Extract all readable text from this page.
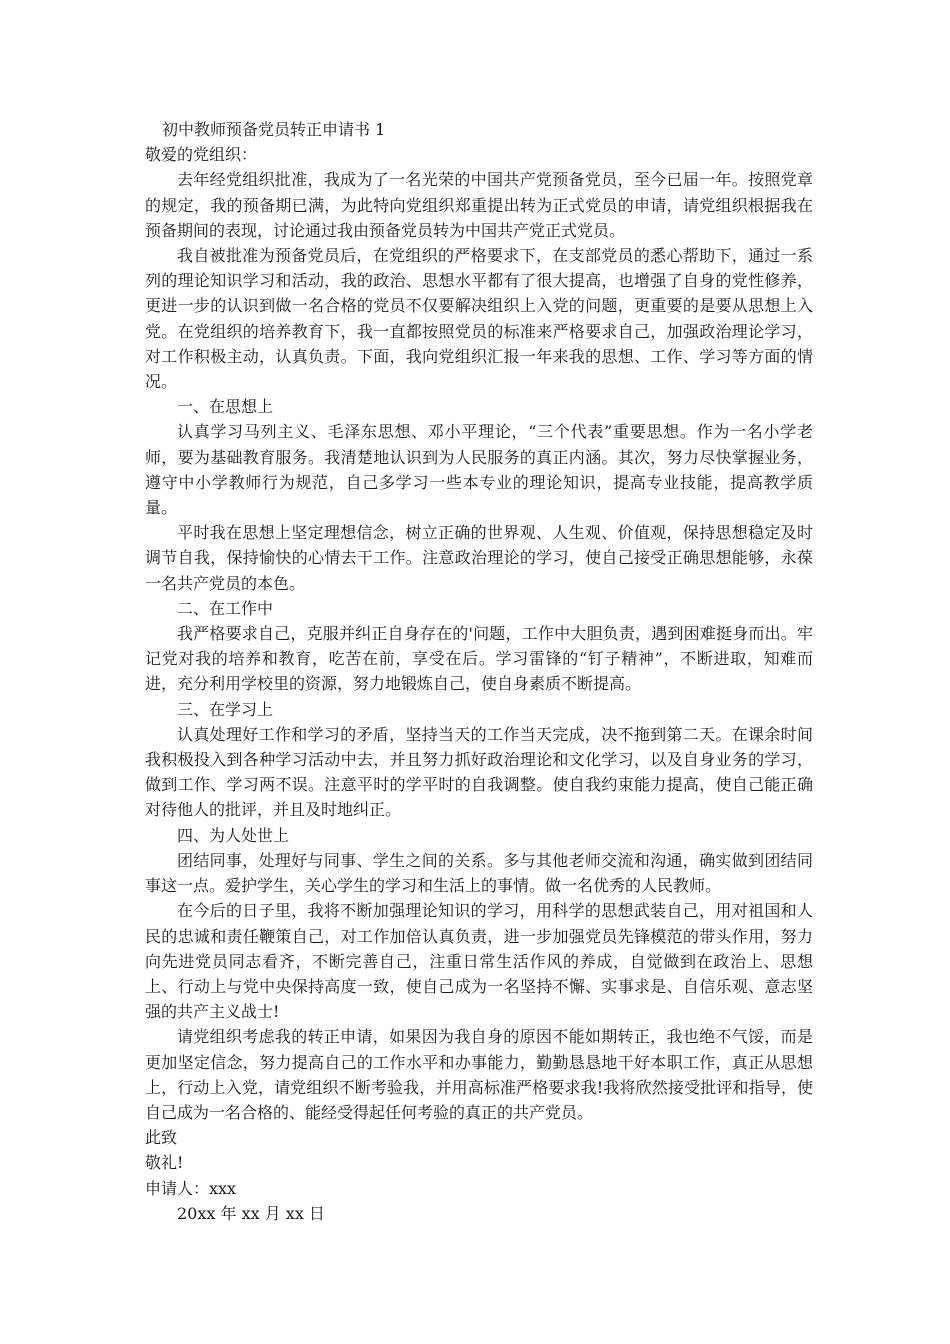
初中教师预备党员转正申请书 1

敬爱的党组织：

去年经党组织批准，我成为了一名光荣的中国共产党预备党员，至今已届一年。按照党章的规定，我的预备期已满，为此特向党组织郑重提出转为正式党员的申请，请党组织根据我在预备期间的表现，讨论通过我由预备党员转为中国共产党正式党员。

我自被批准为预备党员后，在党组织的严格要求下，在支部党员的悉心帮助下，通过一系列的理论知识学习和活动，我的政治、思想水平都有了很大提高，也增强了自身的党性修养，更进一步的认识到做一名合格的党员不仅要解决组织上入党的问题，更重要的是要从思想上入党。在党组织的培养教育下，我一直都按照党员的标准来严格要求自己，加强政治理论学习，对工作积极主动，认真负责。下面，我向党组织汇报一年来我的思想、工作、学习等方面的情况。

一、在思想上

认真学习马列主义、毛泽东思想、邓小平理论，“三个代表”重要思想。作为一名小学老师，要为基础教育服务。我清楚地认识到为人民服务的真正内涵。其次，努力尽快掌握业务，遵守中小学教师行为规范，自己多学习一些本专业的理论知识，提高专业技能，提高教学质量。

平时我在思想上坚定理想信念，树立正确的世界观、人生观、价值观，保持思想稳定及时调节自我，保持愉快的心情去干工作。注意政治理论的学习，使自己接受正确思想能够，永葆一名共产党员的本色。

二、在工作中

我严格要求自己，克服并纠正自身存在的'问题，工作中大胆负责，遇到困难挺身而出。牢记党对我的培养和教育，吃苦在前，享受在后。学习雷锋的“钉子精神”，不断进取，知难而进，充分利用学校里的资源，努力地锻炼自己，使自身素质不断提高。

三、在学习上

认真处理好工作和学习的矛盾，坚持当天的工作当天完成，决不拖到第二天。在课余时间我积极投入到各种学习活动中去，并且努力抓好政治理论和文化学习，以及自身业务的学习，做到工作、学习两不误。注意平时的学平时的自我调整。使自我约束能力提高，使自己能正确对待他人的批评，并且及时地纠正。

四、为人处世上

团结同事，处理好与同事、学生之间的关系。多与其他老师交流和沟通，确实做到团结同事这一点。爱护学生，关心学生的学习和生活上的事情。做一名优秀的人民教师。

在今后的日子里，我将不断加强理论知识的学习，用科学的思想武装自己，用对祖国和人民的忠诚和责任鞭策自己，对工作加倍认真负责，进一步加强党员先锋模范的带头作用，努力向先进党员同志看齐，不断完善自己，注重日常生活作风的养成，自觉做到在政治上、思想上、行动上与党中央保持高度一致，使自己成为一名坚持不懈、实事求是、自信乐观、意志坚强的共产主义战士!

请党组织考虑我的转正申请，如果因为我自身的原因不能如期转正，我也绝不气馁，而是更加坚定信念，努力提高自己的工作水平和办事能力，勤勤恳恳地干好本职工作，真正从思想上，行动上入党，请党组织不断考验我，并用高标准严格要求我!我将欣然接受批评和指导，使自己成为一名合格的、能经受得起任何考验的真正的共产党员。

此致

敬礼!

申请人：xxx

20xx 年 xx 月 xx 日
